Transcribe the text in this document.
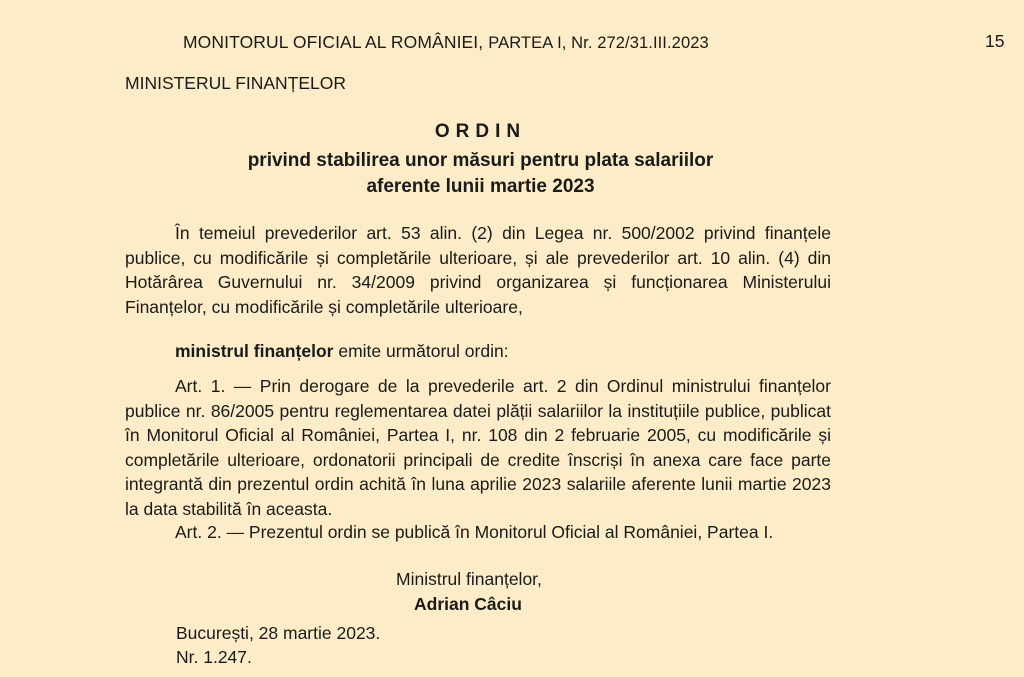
MONITORUL OFICIAL AL ROMÂNIEI, PARTEA I, Nr. 272/31.III.2023	15
MINISTERUL FINANȚELOR
ORDIN
privind stabilirea unor măsuri pentru plata salariilor
aferente lunii martie 2023
În temeiul prevederilor art. 53 alin. (2) din Legea nr. 500/2002 privind finanțele publice, cu modificările și completările ulterioare, și ale prevederilor art. 10 alin. (4) din Hotărârea Guvernului nr. 34/2009 privind organizarea și funcționarea Ministerului Finanțelor, cu modificările și completările ulterioare,
ministrul finanțelor emite următorul ordin:
Art. 1. — Prin derogare de la prevederile art. 2 din Ordinul ministrului finanțelor publice nr. 86/2005 pentru reglementarea datei plății salariilor la instituțiile publice, publicat în Monitorul Oficial al României, Partea I, nr. 108 din 2 februarie 2005, cu modificările și completările ulterioare, ordonatorii principali de credite înscriși în anexa care face parte integrantă din prezentul ordin achită în luna aprilie 2023 salariile aferente lunii martie 2023 la data stabilită în aceasta.
Art. 2. — Prezentul ordin se publică în Monitorul Oficial al României, Partea I.
Ministrul finanțelor,
Adrian Câciu
București, 28 martie 2023.
Nr. 1.247.
